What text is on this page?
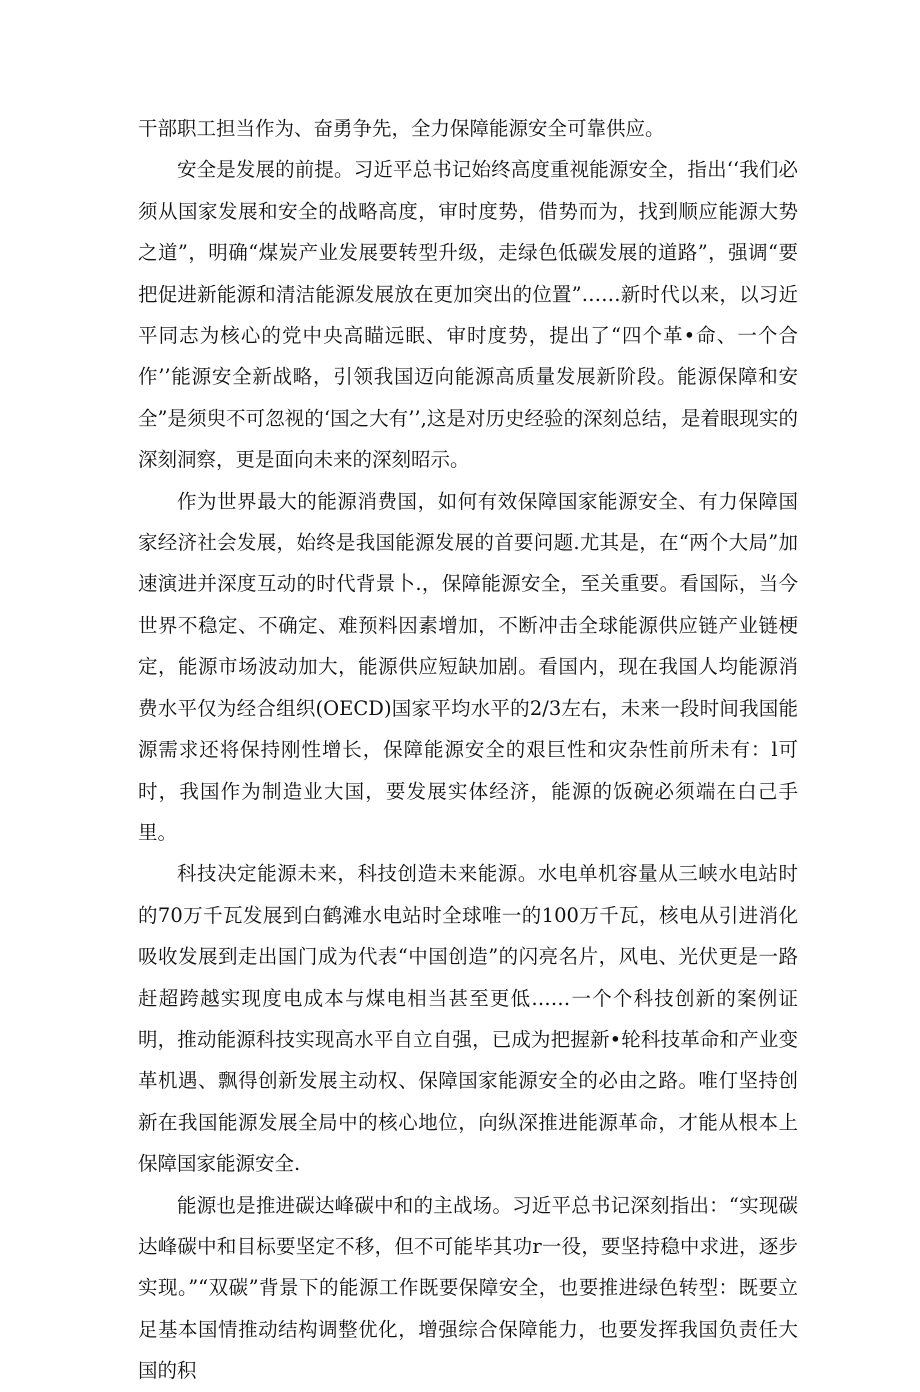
干部职工担当作为、奋勇争先，全力保障能源安全可靠供应。

安全是发展的前提。习近平总书记始终高度重视能源安全，指出‘‘我们必须从国家发展和安全的战略高度，审时度势，借势而为，找到顺应能源大势之道”，明确“煤炭产业发展要转型升级，走绿色低碳发展的道路”，强调“要把促进新能源和清洁能源发展放在更加突出的位置”……新时代以来，以习近平同志为核心的党中央高瞄远眠、审时度势，提出了“四个革•命、一个合作’’能源安全新战略，引领我国迈向能源高质量发展新阶段。能源保障和安全”是须臾不可忽视的‘国之大有’’,这是对历史经验的深刻总结，是着眼现实的深刻洞察，更是面向未来的深刻昭示。

作为世界最大的能源消费国，如何有效保障国家能源安全、有力保障国家经济社会发展，始终是我国能源发展的首要问题.尤其是，在“两个大局”加速演进并深度互动的时代背景卜.，保障能源安全，至关重要。看国际，当今世界不稳定、不确定、难预料因素增加，不断冲击全球能源供应链产业链梗定，能源市场波动加大，能源供应短缺加剧。看国内，现在我国人均能源消费水平仅为经合组织(OECD)国家平均水平的2/3左右，未来一段时间我国能源需求还将保持刚性增长，保障能源安全的艰巨性和灾杂性前所未有：l可时，我国作为制造业大国，要发展实体经济，能源的饭碗必须端在白己手里。

科技决定能源未来，科技创造未来能源。水电单机容量从三峡水电站时的70万千瓦发展到白鹤滩水电站时全球唯一的100万千瓦，核电从引进消化吸收发展到走出国门成为代表“中国创造”的闪亮名片，风电、光伏更是一路赶超跨越实现度电成本与煤电相当甚至更低……一个个科技创新的案例证明，推动能源科技实现高水平自立自强，已成为把握新•轮科技革命和产业变革机遇、飘得创新发展主动权、保障国家能源安全的必由之路。唯仃坚持创新在我国能源发展全局中的核心地位，向纵深推进能源革命，才能从根本上保障国家能源安全.

能源也是推进碳达峰碳中和的主战场。习近平总书记深刻指出：“实现碳达峰碳中和目标要坚定不移，但不可能毕其功r一役，要坚持稳中求进，逐步实现。”“双碳”背景下的能源工作既要保障安全，也要推进绿色转型：既要立足基本国情推动结构调整优化，增强综合保障能力，也要发挥我国负责任大国的积
